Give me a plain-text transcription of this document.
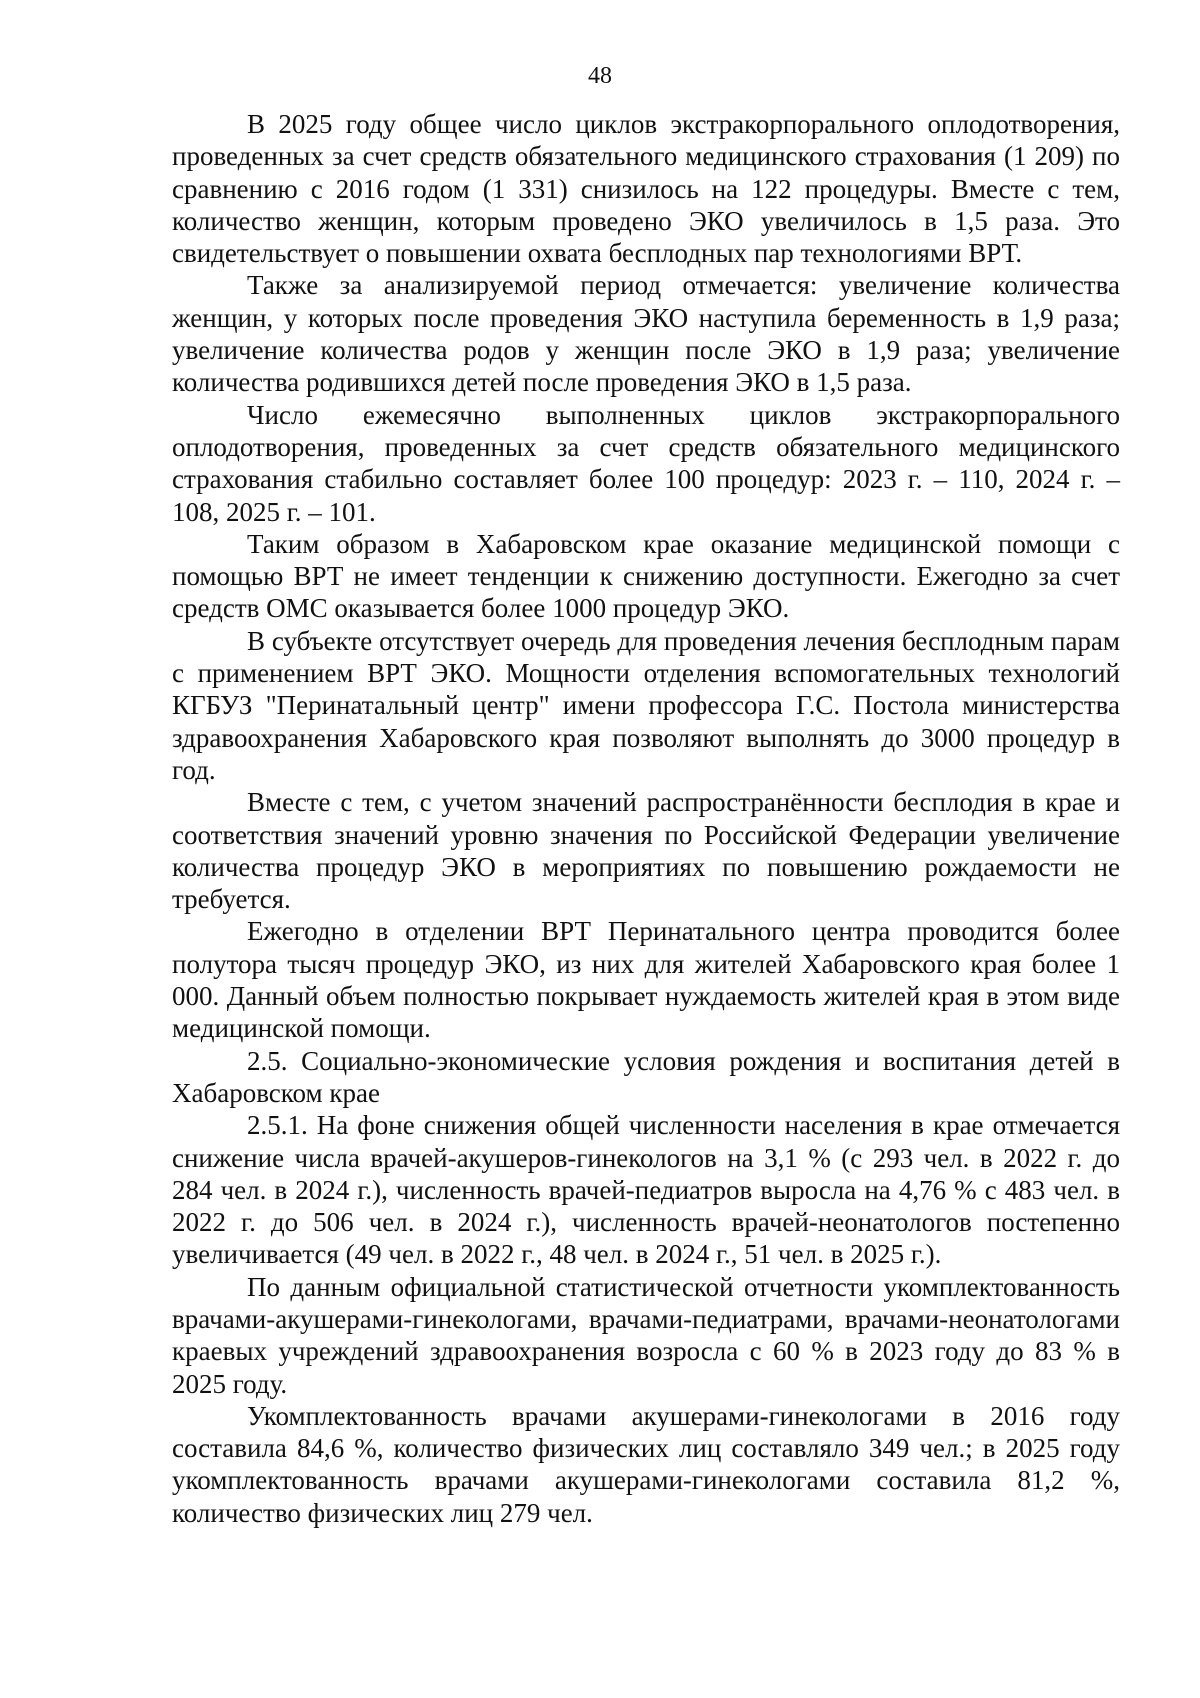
48

В 2025 году общее число циклов экстракорпорального оплодотворения, проведенных за счет средств обязательного медицинского страхования (1 209) по сравнению с 2016 годом (1 331) снизилось на 122 процедуры. Вместе с тем, количество женщин, которым проведено ЭКО увеличилось в 1,5 раза. Это свидетельствует о повышении охвата бесплодных пар технологиями ВРТ.

Также за анализируемой период отмечается: увеличение количества женщин, у которых после проведения ЭКО наступила беременность в 1,9 раза; увеличение количества родов у женщин после ЭКО в 1,9 раза; увеличение количества родившихся детей после проведения ЭКО в 1,5 раза.

Число ежемесячно выполненных циклов экстракорпорального оплодотворения, проведенных за счет средств обязательного медицинского страхования стабильно составляет более 100 процедур: 2023 г. – 110, 2024 г. – 108, 2025 г. – 101.

Таким образом в Хабаровском крае оказание медицинской помощи с помощью ВРТ не имеет тенденции к снижению доступности. Ежегодно за счет средств ОМС оказывается более 1000 процедур ЭКО.

В субъекте отсутствует очередь для проведения лечения бесплодным парам с применением ВРТ ЭКО. Мощности отделения вспомогательных технологий КГБУЗ "Перинатальный центр" имени профессора Г.С. Постола министерства здравоохранения Хабаровского края позволяют выполнять до 3000 процедур в год.

Вместе с тем, с учетом значений распространённости бесплодия в крае и соответствия значений уровню значения по Российской Федерации увеличение количества процедур ЭКО в мероприятиях по повышению рождаемости не требуется.

Ежегодно в отделении ВРТ Перинатального центра проводится более полутора тысяч процедур ЭКО, из них для жителей Хабаровского края более 1 000. Данный объем полностью покрывает нуждаемость жителей края в этом виде медицинской помощи.

2.5. Социально-экономические условия рождения и воспитания детей в Хабаровском крае

2.5.1. На фоне снижения общей численности населения в крае отмечается снижение числа врачей-акушеров-гинекологов на 3,1 % (с 293 чел. в 2022 г. до 284 чел. в 2024 г.), численность врачей-педиатров выросла на 4,76 % с 483 чел. в 2022 г. до 506 чел. в 2024 г.), численность врачей-неонатологов постепенно увеличивается (49 чел. в 2022 г., 48 чел. в 2024 г., 51 чел. в 2025 г.).

По данным официальной статистической отчетности укомплектованность врачами-акушерами-гинекологами, врачами-педиатрами, врачами-неонатологами краевых учреждений здравоохранения возросла с 60 % в 2023 году до 83 % в 2025 году.

Укомплектованность врачами акушерами-гинекологами в 2016 году составила 84,6 %, количество физических лиц составляло 349 чел.; в 2025 году укомплектованность врачами акушерами-гинекологами составила 81,2 %, количество физических лиц 279 чел.
